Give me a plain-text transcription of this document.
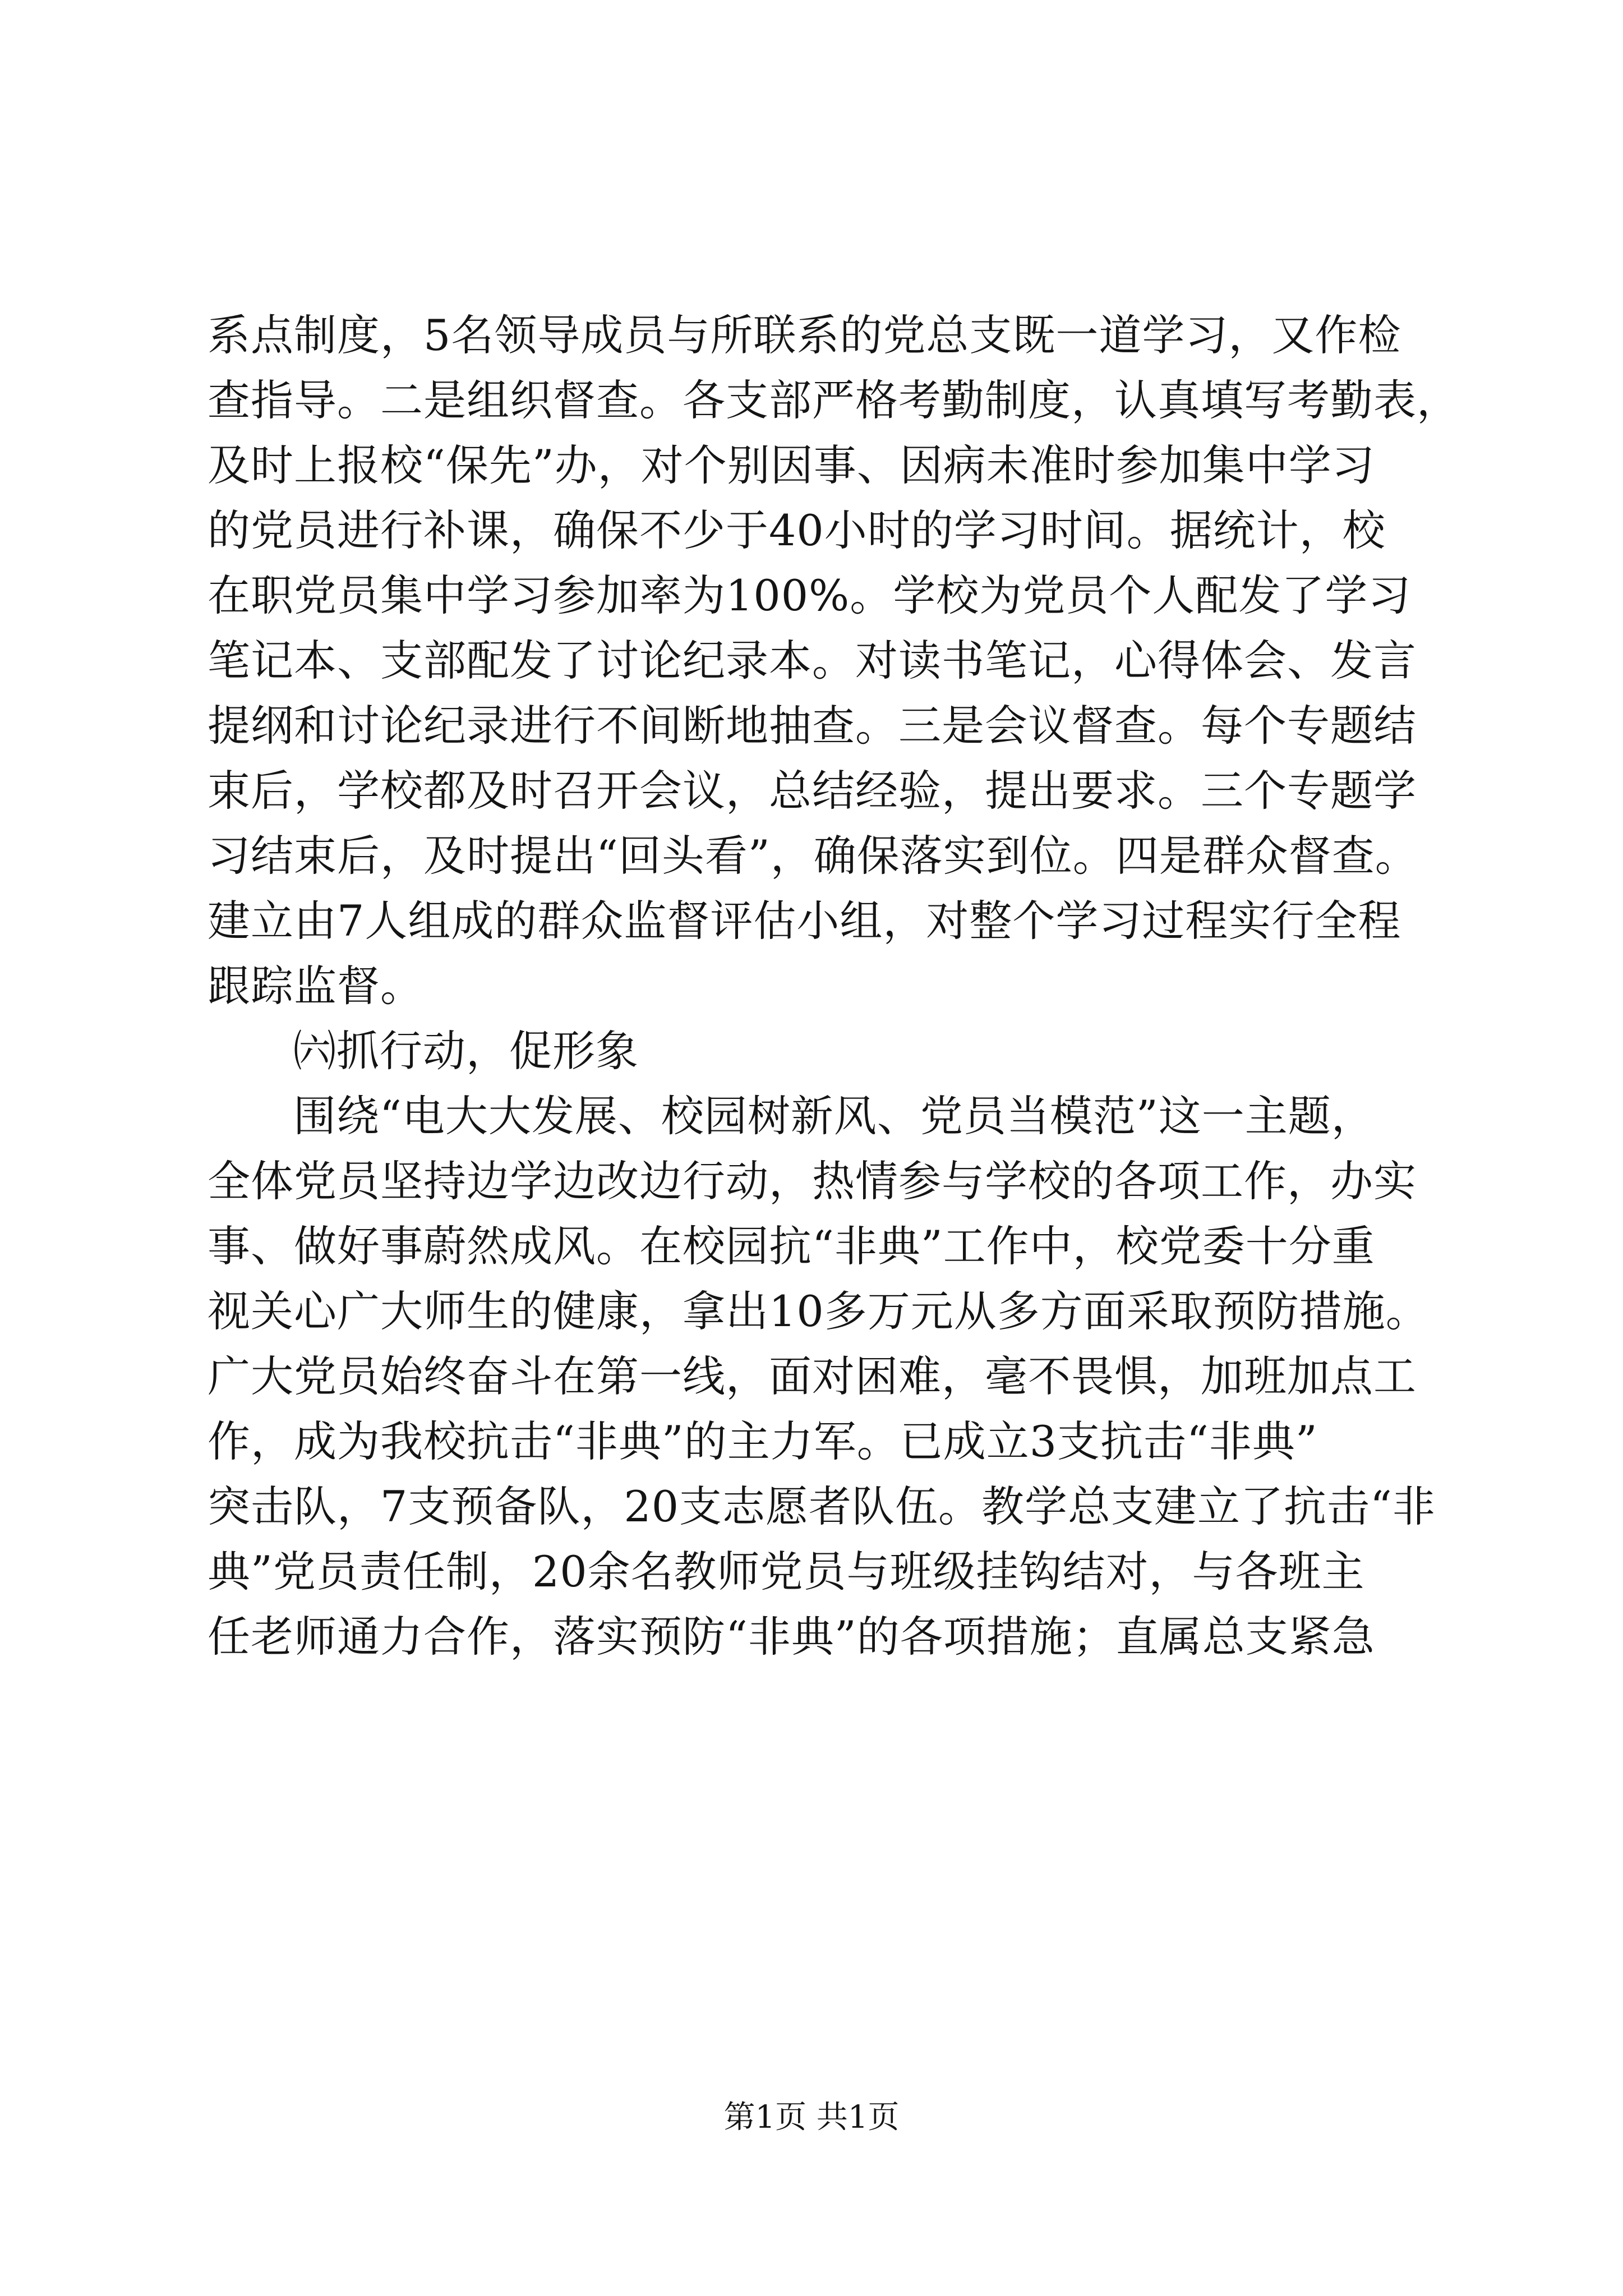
系点制度，5名领导成员与所联系的党总支既一道学习，又作检
查指导。二是组织督查。各支部严格考勤制度，认真填写考勤表，
及时上报校“保先”办，对个别因事、因病未准时参加集中学习
的党员进行补课，确保不少于40小时的学习时间。据统计，校
在职党员集中学习参加率为100%。学校为党员个人配发了学习
笔记本、支部配发了讨论纪录本。对读书笔记，心得体会、发言
提纲和讨论纪录进行不间断地抽查。三是会议督查。每个专题结
束后，学校都及时召开会议，总结经验，提出要求。三个专题学
习结束后，及时提出“回头看”，确保落实到位。四是群众督查。
建立由7人组成的群众监督评估小组，对整个学习过程实行全程
跟踪监督。
㈥抓行动，促形象
围绕“电大大发展、校园树新风、党员当模范”这一主题，
全体党员坚持边学边改边行动，热情参与学校的各项工作，办实
事、做好事蔚然成风。在校园抗“非典”工作中，校党委十分重
视关心广大师生的健康，拿出10多万元从多方面采取预防措施。
广大党员始终奋斗在第一线，面对困难，毫不畏惧，加班加点工
作，成为我校抗击“非典”的主力军。已成立3支抗击“非典”
突击队，7支预备队，20支志愿者队伍。教学总支建立了抗击“非
典”党员责任制，20余名教师党员与班级挂钩结对，与各班主
任老师通力合作，落实预防“非典”的各项措施；直属总支紧急
第1页 共1页
